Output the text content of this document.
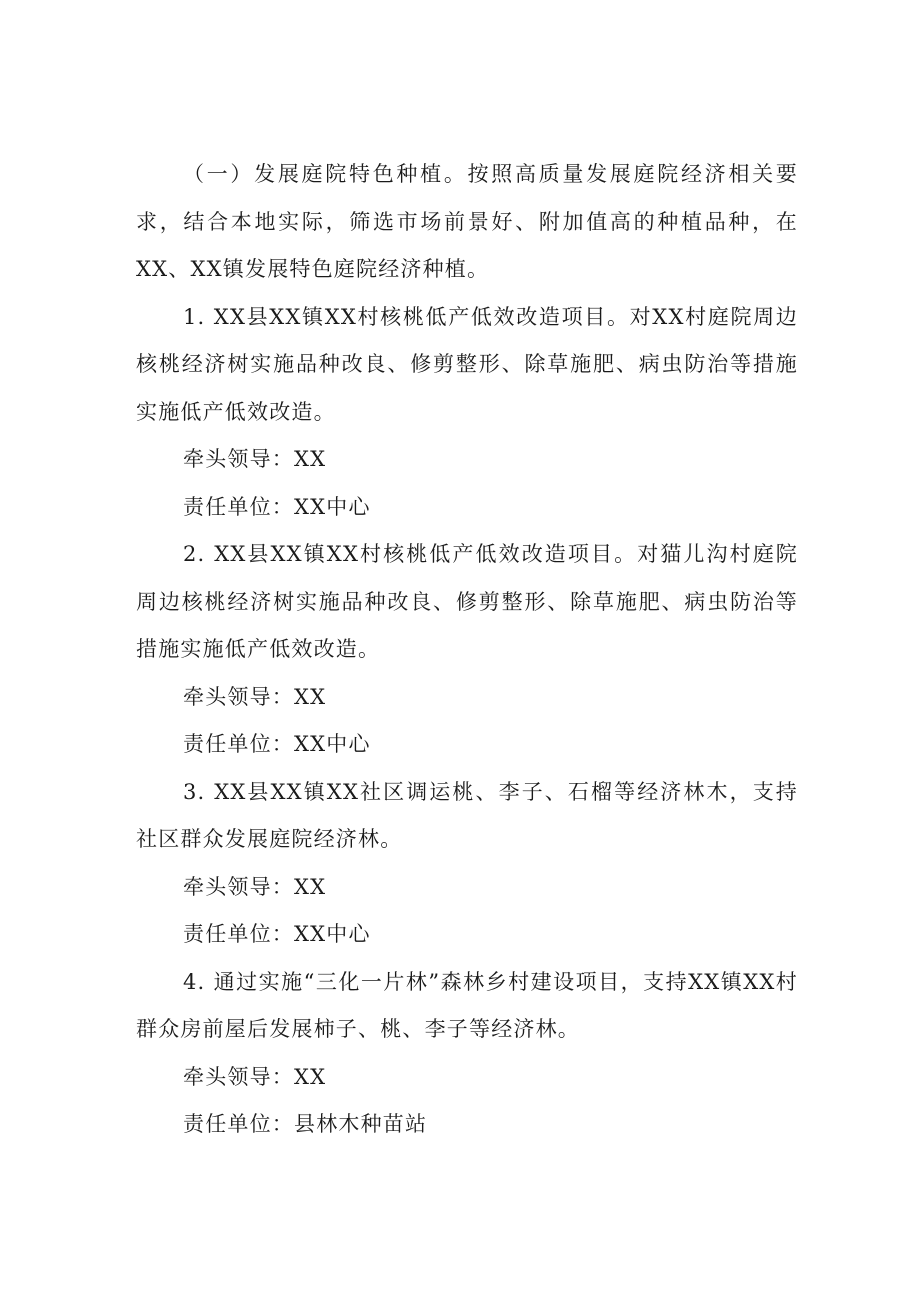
（一）发展庭院特色种植。按照高质量发展庭院经济相关要求，结合本地实际，筛选市场前景好、附加值高的种植品种，在XX、XX镇发展特色庭院经济种植。

1. XX县XX镇XX村核桃低产低效改造项目。对XX村庭院周边核桃经济树实施品种改良、修剪整形、除草施肥、病虫防治等措施实施低产低效改造。

牵头领导：XX

责任单位：XX中心

2. XX县XX镇XX村核桃低产低效改造项目。对猫儿沟村庭院周边核桃经济树实施品种改良、修剪整形、除草施肥、病虫防治等措施实施低产低效改造。

牵头领导：XX

责任单位：XX中心

3. XX县XX镇XX社区调运桃、李子、石榴等经济林木，支持社区群众发展庭院经济林。

牵头领导：XX

责任单位：XX中心

4. 通过实施“三化一片林”森林乡村建设项目，支持XX镇XX村群众房前屋后发展柿子、桃、李子等经济林。

牵头领导：XX

责任单位：县林木种苗站
